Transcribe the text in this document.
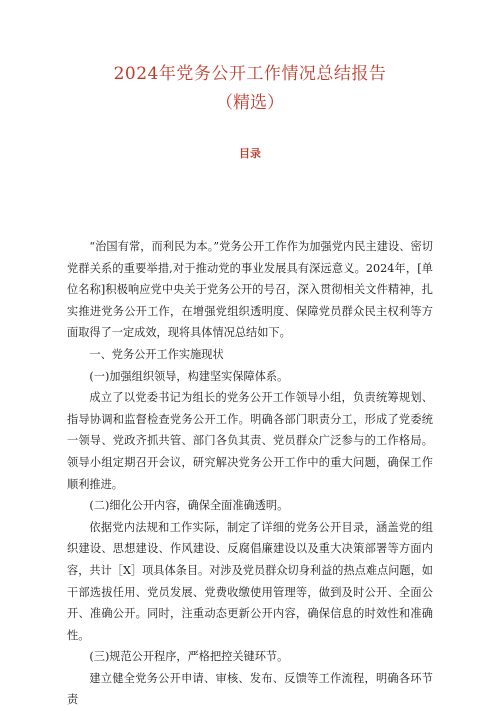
2024年党务公开工作情况总结报告
（精选）
目录

“治国有常，而利民为本。”党务公开工作作为加强党内民主建设、密切党群关系的重要举措,对于推动党的事业发展具有深远意义。2024年，[单位名称]积极响应党中央关于党务公开的号召，深入贯彻相关文件精神，扎实推进党务公开工作，在增强党组织透明度、保障党员群众民主权利等方面取得了一定成效，现将具体情况总结如下。

一、党务公开工作实施现状

(一)加强组织领导，构建坚实保障体系。

成立了以党委书记为组长的党务公开工作领导小组，负责统筹规划、指导协调和监督检查党务公开工作。明确各部门职责分工，形成了党委统一领导、党政齐抓共管、部门各负其责、党员群众广泛参与的工作格局。领导小组定期召开会议，研究解决党务公开工作中的重大问题，确保工作顺利推进。

(二)细化公开内容，确保全面准确透明。

依据党内法规和工作实际，制定了详细的党务公开目录，涵盖党的组织建设、思想建设、作风建设、反腐倡廉建设以及重大决策部署等方面内容，共计［X］项具体条目。对涉及党员群众切身利益的热点难点问题，如干部选拔任用、党员发展、党费收缴使用管理等，做到及时公开、全面公开、准确公开。同时，注重动态更新公开内容，确保信息的时效性和准确性。

(三)规范公开程序，严格把控关键环节。

建立健全党务公开申请、审核、发布、反馈等工作流程，明确各环节责
